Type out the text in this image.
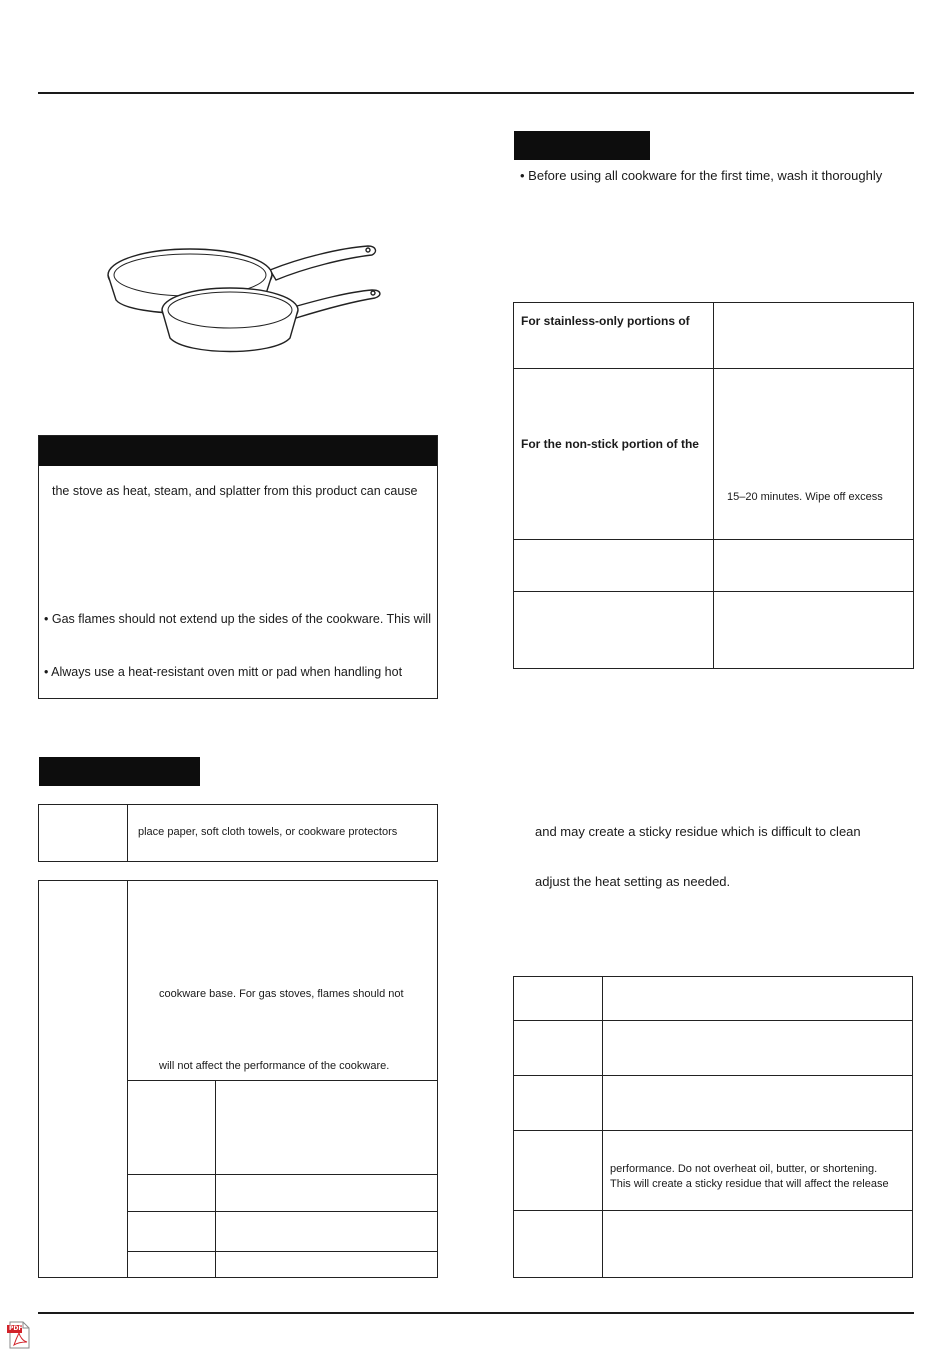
the stove as heat, steam, and splatter from this product can cause
• Gas flames should not extend up the sides of the cookware. This will
• Always use a heat-resistant oven mitt or pad when handling hot
place paper, soft cloth towels, or cookware protectors
cookware base. For gas stoves, flames should not
will not affect the performance of the cookware.
• Before using all cookware for the first time, wash it thoroughly
For stainless-only portions of
For the non-stick portion of the
15–20 minutes. Wipe off excess
and may create a sticky residue which is difficult to clean
adjust the heat setting as needed.
performance. Do not overheat oil, butter, or shortening.
This will create a sticky residue that will affect the release
PDF
